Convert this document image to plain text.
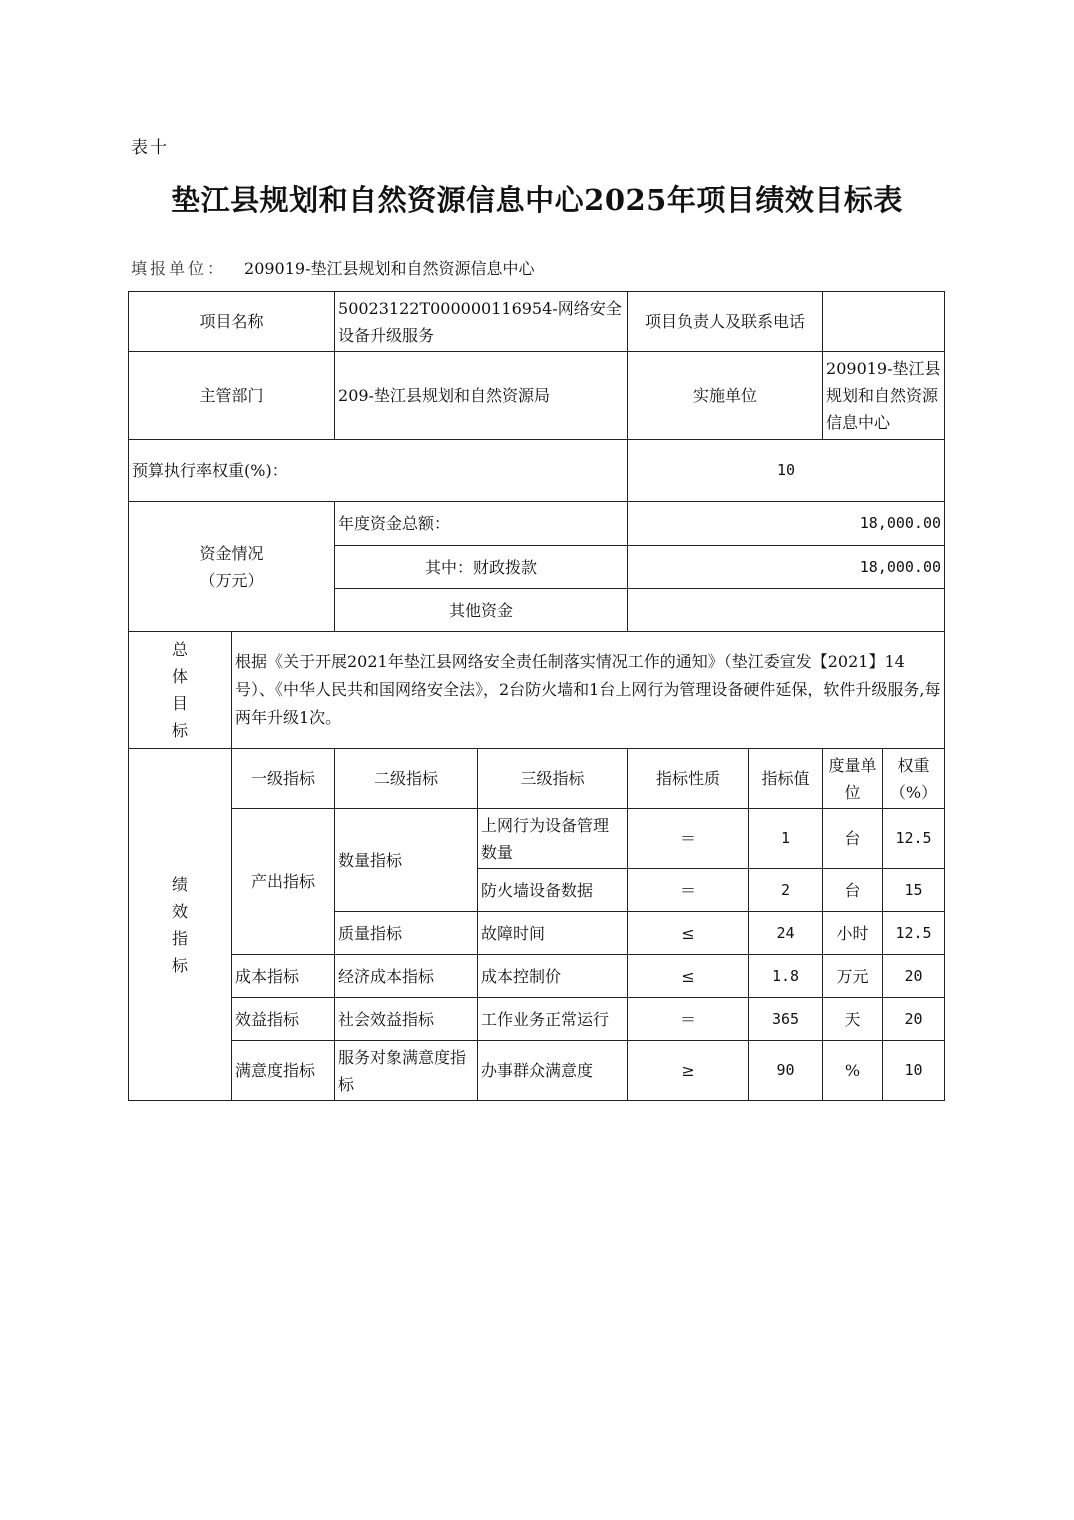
表十
垫江县规划和自然资源信息中心2025年项目绩效目标表
填报单位： 209019-垫江县规划和自然资源信息中心
项目名称		50023122T000000116954-网络安全设备升级服务		项目负责人及联系电话			
主管部门		209-垫江县规划和自然资源局		实施单位		209019-垫江县规划和自然资源信息中心	
预算执行率权重(%)：				10			

资金情况
（万元）		年度资金总额：		18,000.00			
		其中：财政拨款		18,000.00			
		其他资金					

总
体
目
标	根据《关于开展2021年垫江县网络安全责任制落实情况工作的通知》（垫江委宣发【2021】14号）、《中华人民共和国网络安全法》，2台防火墙和1台上网行为管理设备硬件延保，软件升级服务,每两年升级1次。						

绩
效
指
标	一级指标	二级指标	三级指标	指标性质	指标值	度量单位	权重（%）
	产出指标	数量指标	上网行为设备管理数量	＝	1	台	12.5
			防火墙设备数据	＝	2	台	15
		质量指标	故障时间	≤	24	小时	12.5
	成本指标	经济成本指标	成本控制价	≤	1.8	万元	20
	效益指标	社会效益指标	工作业务正常运行	＝	365	天	20
	满意度指标	服务对象满意度指标	办事群众满意度	≥	90	%	10
